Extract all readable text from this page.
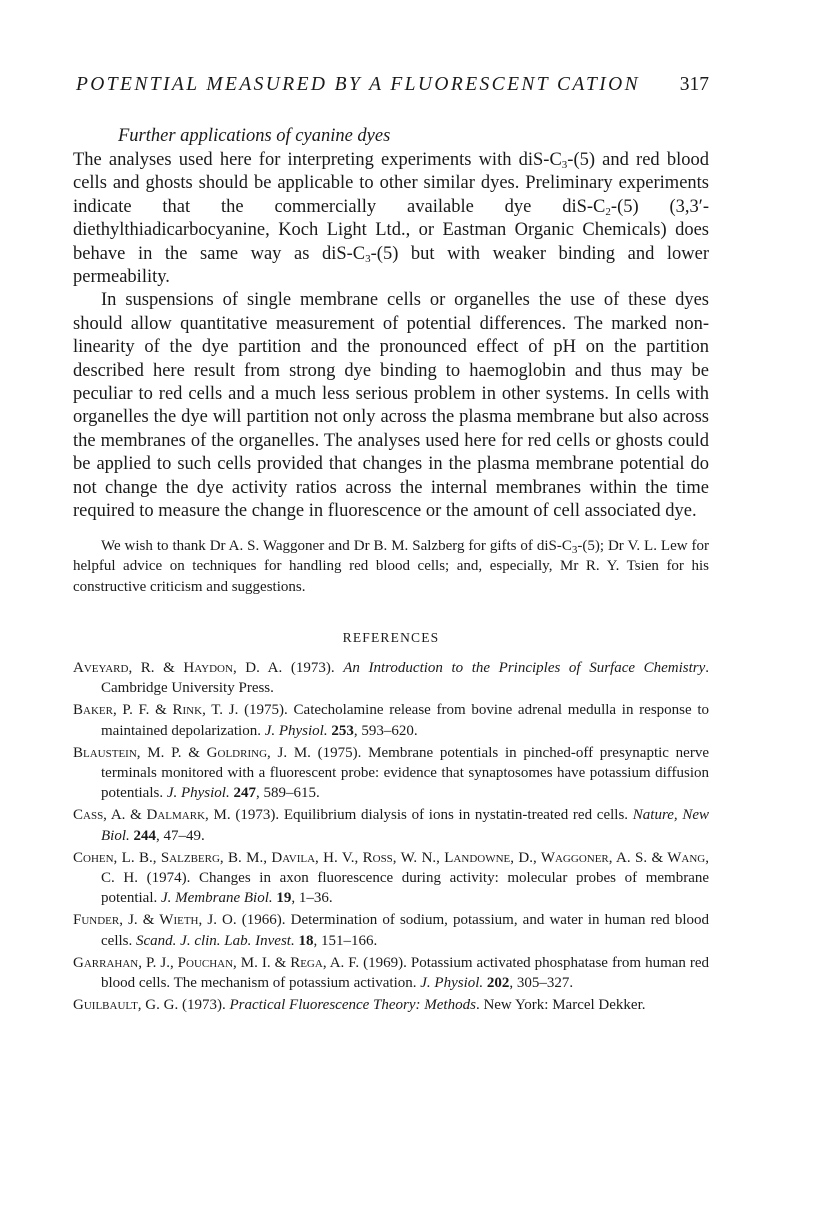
POTENTIAL MEASURED BY A FLUORESCENT CATION 317
Further applications of cyanine dyes

The analyses used here for interpreting experiments with diS-$C_3-(5)$ and red blood cells and ghosts should be applicable to other similar dyes. Preliminary experiments indicate that the commercially available dye diS-$C_2-(5)$ (3,3′-diethylthiadicarbocyanine, Koch Light Ltd., or Eastman Organic Chemicals) does behave in the same way as diS-$C_3-(5)$ but with weaker binding and lower permeability.

In suspensions of single membrane cells or organelles the use of these dyes should allow quantitative measurement of potential differences. The marked non-linearity of the dye partition and the pronounced effect of pH on the partition described here result from strong dye binding to haemoglobin and thus may be peculiar to red cells and a much less serious problem in other systems. In cells with organelles the dye will partition not only across the plasma membrane but also across the membranes of the organelles. The analyses used here for red cells or ghosts could be applied to such cells provided that changes in the plasma membrane potential do not change the dye activity ratios across the internal membranes within the time required to measure the change in fluorescence or the amount of cell associated dye.

We wish to thank Dr A. S. Waggoner and Dr B. M. Salzberg for gifts of diS-$C_3-(5)$; Dr V. L. Lew for helpful advice on techniques for handling red blood cells; and, especially, Mr R. Y. Tsien for his constructive criticism and suggestions.

REFERENCES
Aveyard, R. & Haydon, D. A. (1973). An Introduction to the Principles of Surface Chemistry. Cambridge University Press.
Baker, P. F. & Rink, T. J. (1975). Catecholamine release from bovine adrenal medulla in response to maintained depolarization. J. Physiol. 253, 593–620.
Blaustein, M. P. & Goldring, J. M. (1975). Membrane potentials in pinched-off presynaptic nerve terminals monitored with a fluorescent probe: evidence that synaptosomes have potassium diffusion potentials. J. Physiol. 247, 589–615.
Cass, A. & Dalmark, M. (1973). Equilibrium dialysis of ions in nystatin-treated red cells. Nature, New Biol. 244, 47–49.
Cohen, L. B., Salzberg, B. M., Davila, H. V., Ross, W. N., Landowne, D., Waggoner, A. S. & Wang, C. H. (1974). Changes in axon fluorescence during activity: molecular probes of membrane potential. J. Membrane Biol. 19, 1–36.
Funder, J. & Wieth, J. O. (1966). Determination of sodium, potassium, and water in human red blood cells. Scand. J. clin. Lab. Invest. 18, 151–166.
Garrahan, P. J., Pouchan, M. I. & Rega, A. F. (1969). Potassium activated phosphatase from human red blood cells. The mechanism of potassium activation. J. Physiol. 202, 305–327.
Guilbault, G. G. (1973). Practical Fluorescence Theory: Methods. New York: Marcel Dekker.
